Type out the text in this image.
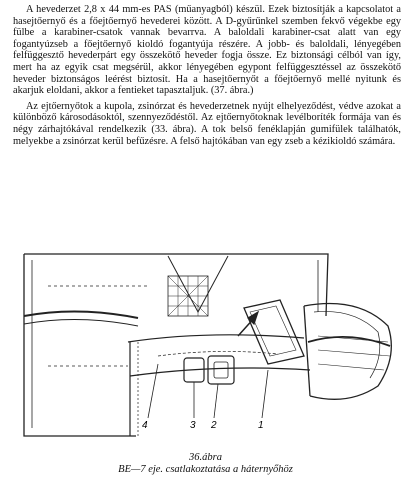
A hevederzet 2,8 x 44 mm-es PAS (műanyagból) készül. Ezek biztosítják a kapcsolatot a hasejtőernyő és a főejtőernyő hevederei között. A D-gyűrűnkel szemben fekvő végekbe egy fülbe a karabiner-csatok vannak bevarrva. A baloldali karabiner-csat alatt van egy fogantyúzseb a főejtőernyő kioldó fogantyúja részére. A jobb- és baloldali, lényegében felfüggesztő hevederpárt egy összekötő heveder fogja össze. Ez biztonsági célból van így, mert ha az egyik csat megsérül, akkor lényegében egypont felfüggesztéssel az összekötő heveder biztonságos leérést biztosít. Ha a hasejtőernyőt a főejtőernyő mellé nyitunk és akarjuk eloldani, akkor a fentieket tapasztaljuk. (37. ábra.)

Az ejtőernyőtok a kupola, zsinórzat és hevederzetnek nyújt elhelyeződést, védve azokat a különböző károsodásoktól, szennyeződéstől. Az ejtőernyőtoknak levélboríték formája van és négy zárhajtókával rendelkezik (33. ábra). A tok belső fenéklapján gumifülek találhatók, melyekbe a zsinórzat kerül befűzésre. A felső hajtókában van egy zseb a kézikioldó számára.

4	3 2	1
36.ábra
BE—7 eje. csatlakoztatása a háternyőhöz
